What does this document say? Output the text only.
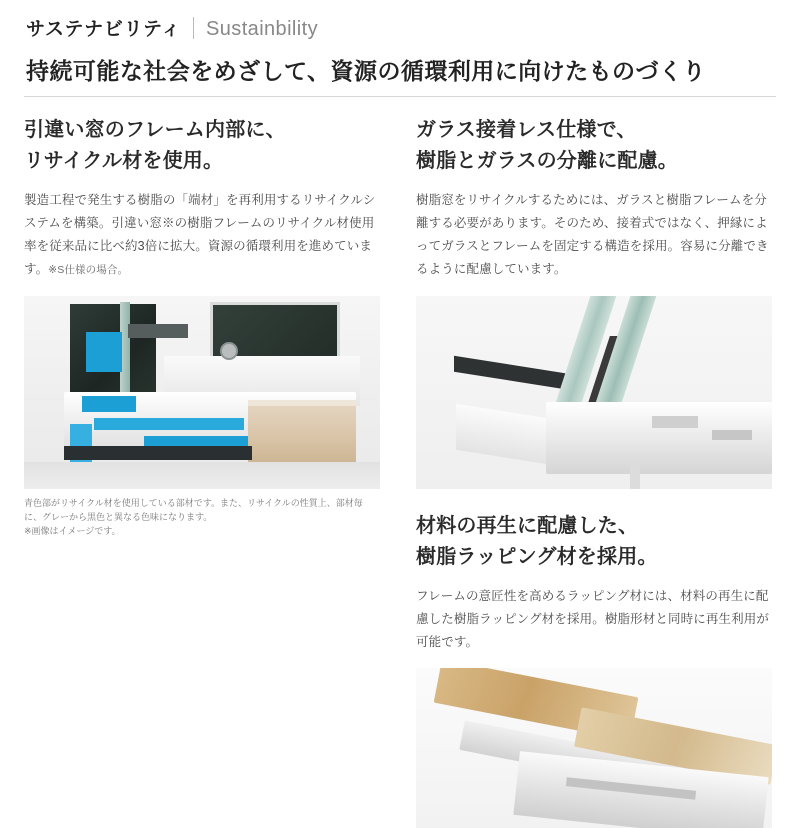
サステナビリティ Sustainbility
持続可能な社会をめざして、資源の循環利用に向けたものづくり
引違い窓のフレーム内部に、
リサイクル材を使用。

製造工程で発生する樹脂の「端材」を再利用するリサイクルシステムを構築。引違い窓※の樹脂フレームのリサイクル材使用率を従来品に比べ約3倍に拡大。資源の循環利用を進めています。※S仕様の場合。

青色部がリサイクル材を使用している部材です。また、リサイクルの性質上、部材毎に、グレーから黒色と異なる色味になります。
※画像はイメージです。
ガラス接着レス仕様で、
樹脂とガラスの分離に配慮。

樹脂窓をリサイクルするためには、ガラスと樹脂フレームを分離する必要があります。そのため、接着式ではなく、押縁によってガラスとフレームを固定する構造を採用。容易に分離できるように配慮しています。

材料の再生に配慮した、
樹脂ラッピング材を採用。

フレームの意匠性を高めるラッピング材には、材料の再生に配慮した樹脂ラッピング材を採用。樹脂形材と同時に再生利用が可能です。
